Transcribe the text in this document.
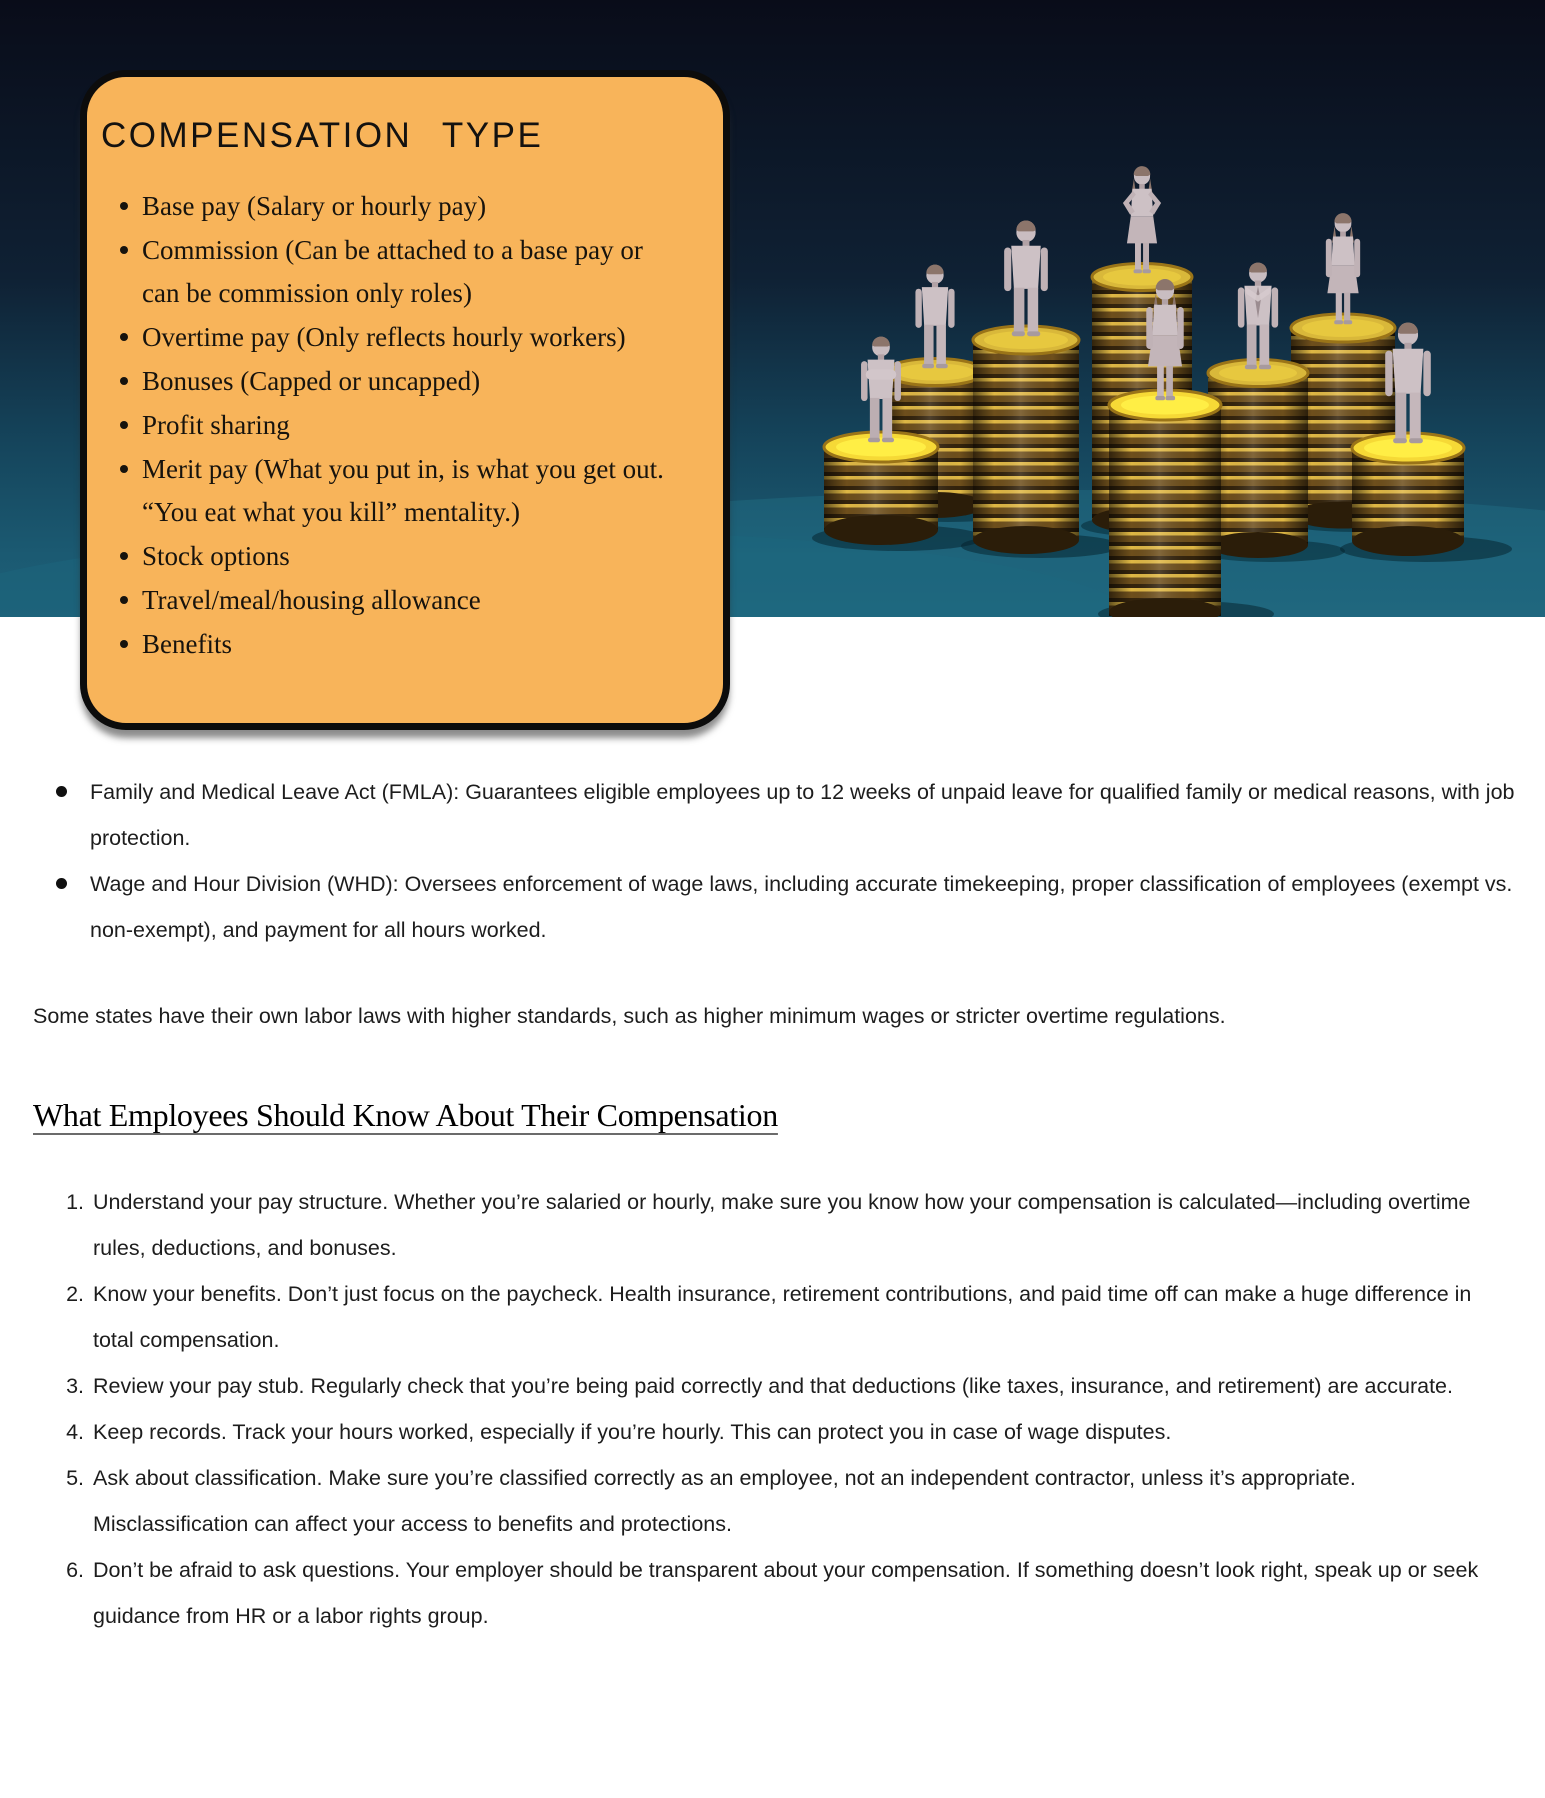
COMPENSATION TYPE
Base pay (Salary or hourly pay)
Commission (Can be attached to a base pay or can be commission only roles)
Overtime pay (Only reflects hourly workers)
Bonuses (Capped or uncapped)
Profit sharing
Merit pay (What you put in, is what you get out. “You eat what you kill” mentality.)
Stock options
Travel/meal/housing allowance
Benefits
Family and Medical Leave Act (FMLA): Guarantees eligible employees up to 12 weeks of unpaid leave for qualified family or medical reasons, with job protection.
Wage and Hour Division (WHD): Oversees enforcement of wage laws, including accurate timekeeping, proper classification of employees (exempt vs. non-exempt), and payment for all hours worked.

Some states have their own labor laws with higher standards, such as higher minimum wages or stricter overtime regulations.

What Employees Should Know About Their Compensation
1. Understand your pay structure. Whether you’re salaried or hourly, make sure you know how your compensation is calculated—including overtime rules, deductions, and bonuses.
2. Know your benefits. Don’t just focus on the paycheck. Health insurance, retirement contributions, and paid time off can make a huge difference in total compensation.
3. Review your pay stub. Regularly check that you’re being paid correctly and that deductions (like taxes, insurance, and retirement) are accurate.
4. Keep records. Track your hours worked, especially if you’re hourly. This can protect you in case of wage disputes.
5. Ask about classification. Make sure you’re classified correctly as an employee, not an independent contractor, unless it’s appropriate. Misclassification can affect your access to benefits and protections.
6. Don’t be afraid to ask questions. Your employer should be transparent about your compensation. If something doesn’t look right, speak up or seek guidance from HR or a labor rights group.
